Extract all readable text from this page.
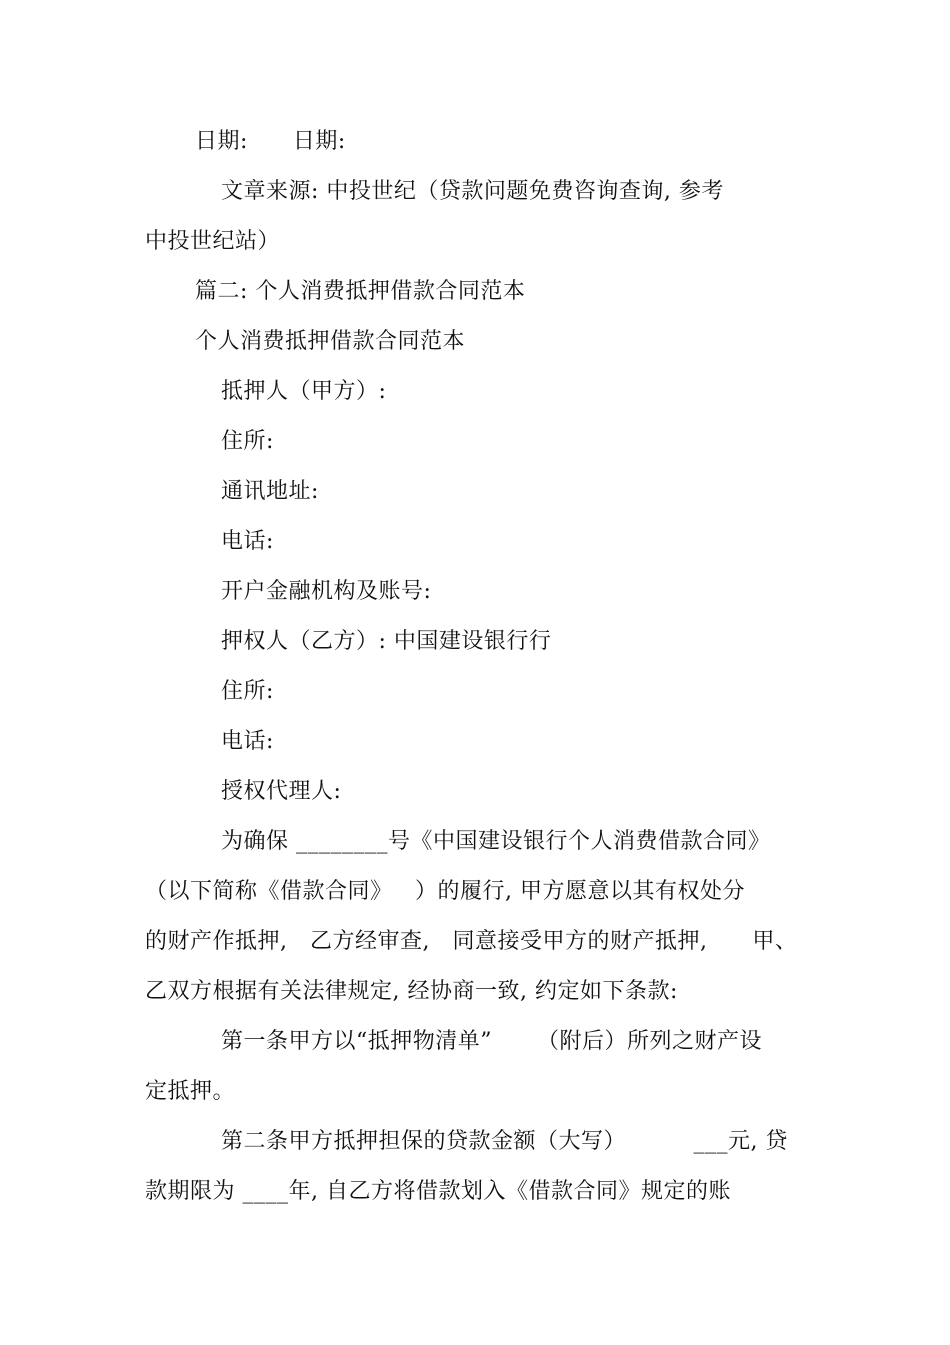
日期:      日期:
文章来源: 中投世纪（贷款问题免费咨询查询, 参考
中投世纪站）
篇二: 个人消费抵押借款合同范本
个人消费抵押借款合同范本
抵押人（甲方）:
住所:
通讯地址:
电话:
开户金融机构及账号:
押权人（乙方）: 中国建设银行行
住所:
电话:
授权代理人:
为确保 ________号《中国建设银行个人消费借款合同》
（以下简称《借款合同》   ）的履行, 甲方愿意以其有权处分
的财产作抵押,   乙方经审查,   同意接受甲方的财产抵押,      甲、
乙双方根据有关法律规定, 经协商一致, 约定如下条款:
第一条甲方以“抵押物清单”      （附后）所列之财产设
定抵押。
第二条甲方抵押担保的贷款金额（大写）         ___元, 贷
款期限为 ____年, 自乙方将借款划入《借款合同》规定的账
